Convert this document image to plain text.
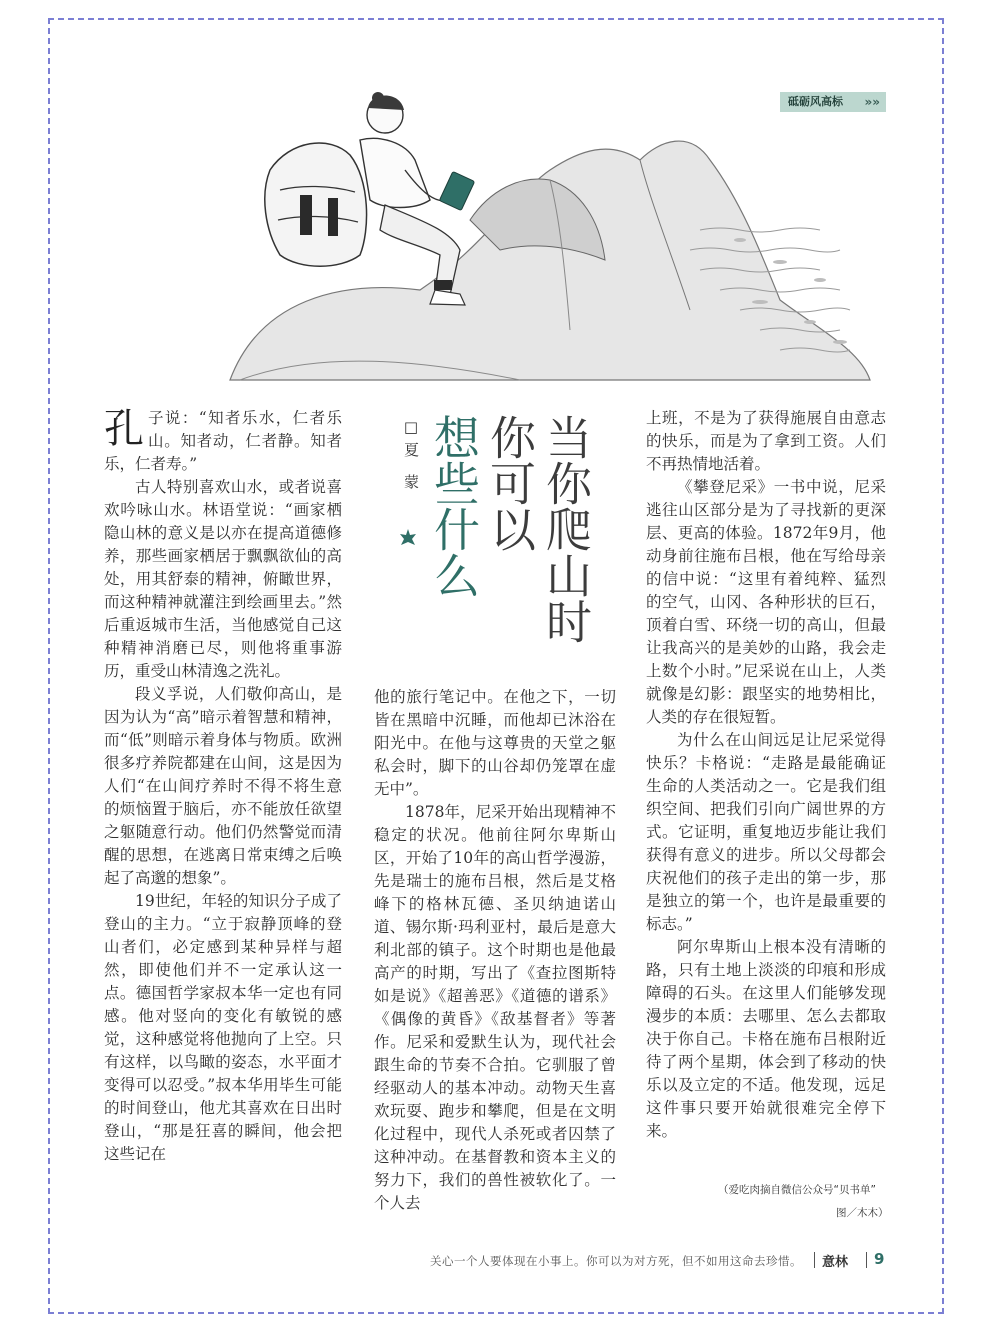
砥砺风高标 »»
当你爬山时
你可以
想些什么
□夏 蒙

孔子说：“知者乐水，仁者乐山。知者动，仁者静。知者乐，仁者寿。”

古人特别喜欢山水，或者说喜欢吟咏山水。林语堂说：“画家栖隐山林的意义是以亦在提高道德修养，那些画家栖居于飘飘欲仙的高处，用其舒泰的精神，俯瞰世界，而这种精神就灌注到绘画里去。”然后重返城市生活，当他感觉自己这种精神消磨已尽，则他将重事游历，重受山林清逸之洗礼。

段义孚说，人们敬仰高山，是因为认为“高”暗示着智慧和精神，而“低”则暗示着身体与物质。欧洲很多疗养院都建在山间，这是因为人们“在山间疗养时不得不将生意的烦恼置于脑后，亦不能放任欲望之躯随意行动。他们仍然警觉而清醒的思想，在逃离日常束缚之后唤起了高邈的想象”。

19世纪，年轻的知识分子成了登山的主力。“立于寂静顶峰的登山者们，必定感到某种异样与超然，即使他们并不一定承认这一点。德国哲学家叔本华一定也有同感。他对竖向的变化有敏锐的感觉，这种感觉将他抛向了上空。只有这样，以鸟瞰的姿态，水平面才变得可以忍受。”叔本华用毕生可能的时间登山，他尤其喜欢在日出时登山，“那是狂喜的瞬间，他会把这些记在

他的旅行笔记中。在他之下，一切皆在黑暗中沉睡，而他却已沐浴在阳光中。在他与这尊贵的天堂之躯私会时，脚下的山谷却仍笼罩在虚无中”。

1878年，尼采开始出现精神不稳定的状况。他前往阿尔卑斯山区，开始了10年的高山哲学漫游，先是瑞士的施布吕根，然后是艾格峰下的格林瓦德、圣贝纳迪诺山道、锡尔斯·玛利亚村，最后是意大利北部的镇子。这个时期也是他最高产的时期，写出了《查拉图斯特如是说》《超善恶》《道德的谱系》《偶像的黄昏》《敌基督者》等著作。尼采和爱默生认为，现代社会跟生命的节奏不合拍。它驯服了曾经驱动人的基本冲动。动物天生喜欢玩耍、跑步和攀爬，但是在文明化过程中，现代人杀死或者囚禁了这种冲动。在基督教和资本主义的努力下，我们的兽性被软化了。一个人去

上班，不是为了获得施展自由意志的快乐，而是为了拿到工资。人们不再热情地活着。

《攀登尼采》一书中说，尼采逃往山区部分是为了寻找新的更深层、更高的体验。1872年9月，他动身前往施布吕根，他在写给母亲的信中说：“这里有着纯粹、猛烈的空气，山冈、各种形状的巨石，顶着白雪、环绕一切的高山，但最让我高兴的是美妙的山路，我会走上数个小时。”尼采说在山上，人类就像是幻影：跟坚实的地势相比，人类的存在很短暂。

为什么在山间远足让尼采觉得快乐？卡格说：“走路是最能确证生命的人类活动之一。它是我们组织空间、把我们引向广阔世界的方式。它证明，重复地迈步能让我们获得有意义的进步。所以父母都会庆祝他们的孩子走出的第一步，那是独立的第一个，也许是最重要的标志。”

阿尔卑斯山上根本没有清晰的路，只有土地上淡淡的印痕和形成障碍的石头。在这里人们能够发现漫步的本质：去哪里、怎么去都取决于你自己。卡格在施布吕根附近待了两个星期，体会到了移动的快乐以及立定的不适。他发现，远足这件事只要开始就很难完全停下来。

（爱吃肉摘自微信公众号“贝书单”
图／木木）
关心一个人要体现在小事上。你可以为对方死，但不如用这命去珍惜。 意林 9
